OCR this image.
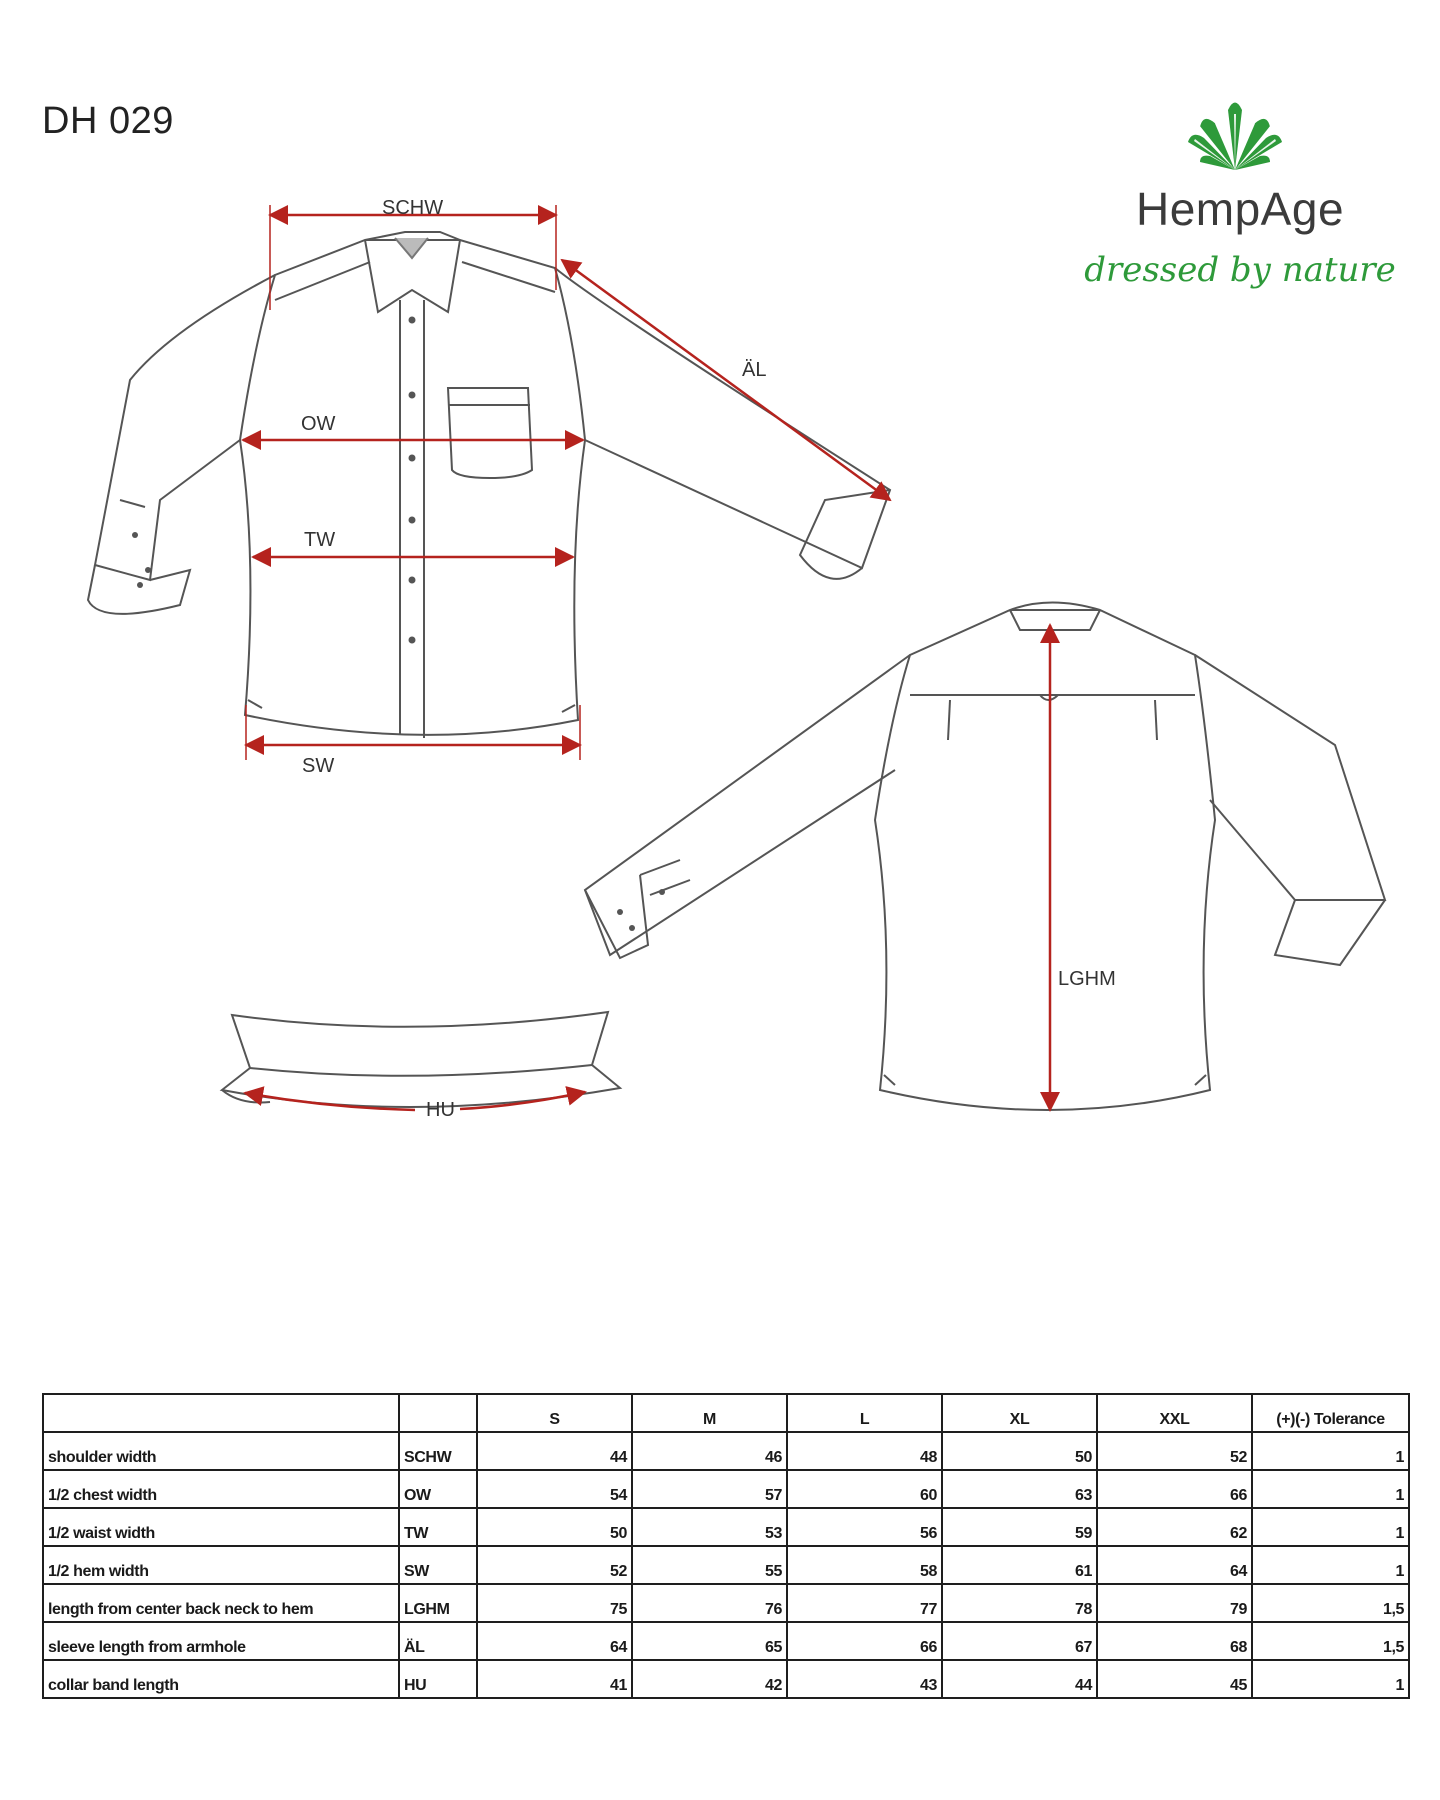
DH 029
HempAge
dressed by nature
SCHW
ÄL
OW
TW
SW
LGHM
HU
		S	M	L	XL	XXL	(+)(-) Tolerance
shoulder width	SCHW	44	46	48	50	52	1
1/2 chest width	OW	54	57	60	63	66	1
1/2 waist width	TW	50	53	56	59	62	1
1/2 hem width	SW	52	55	58	61	64	1
length from center back neck to hem	LGHM	75	76	77	78	79	1,5
sleeve length from armhole	ÄL	64	65	66	67	68	1,5
collar band length	HU	41	42	43	44	45	1
